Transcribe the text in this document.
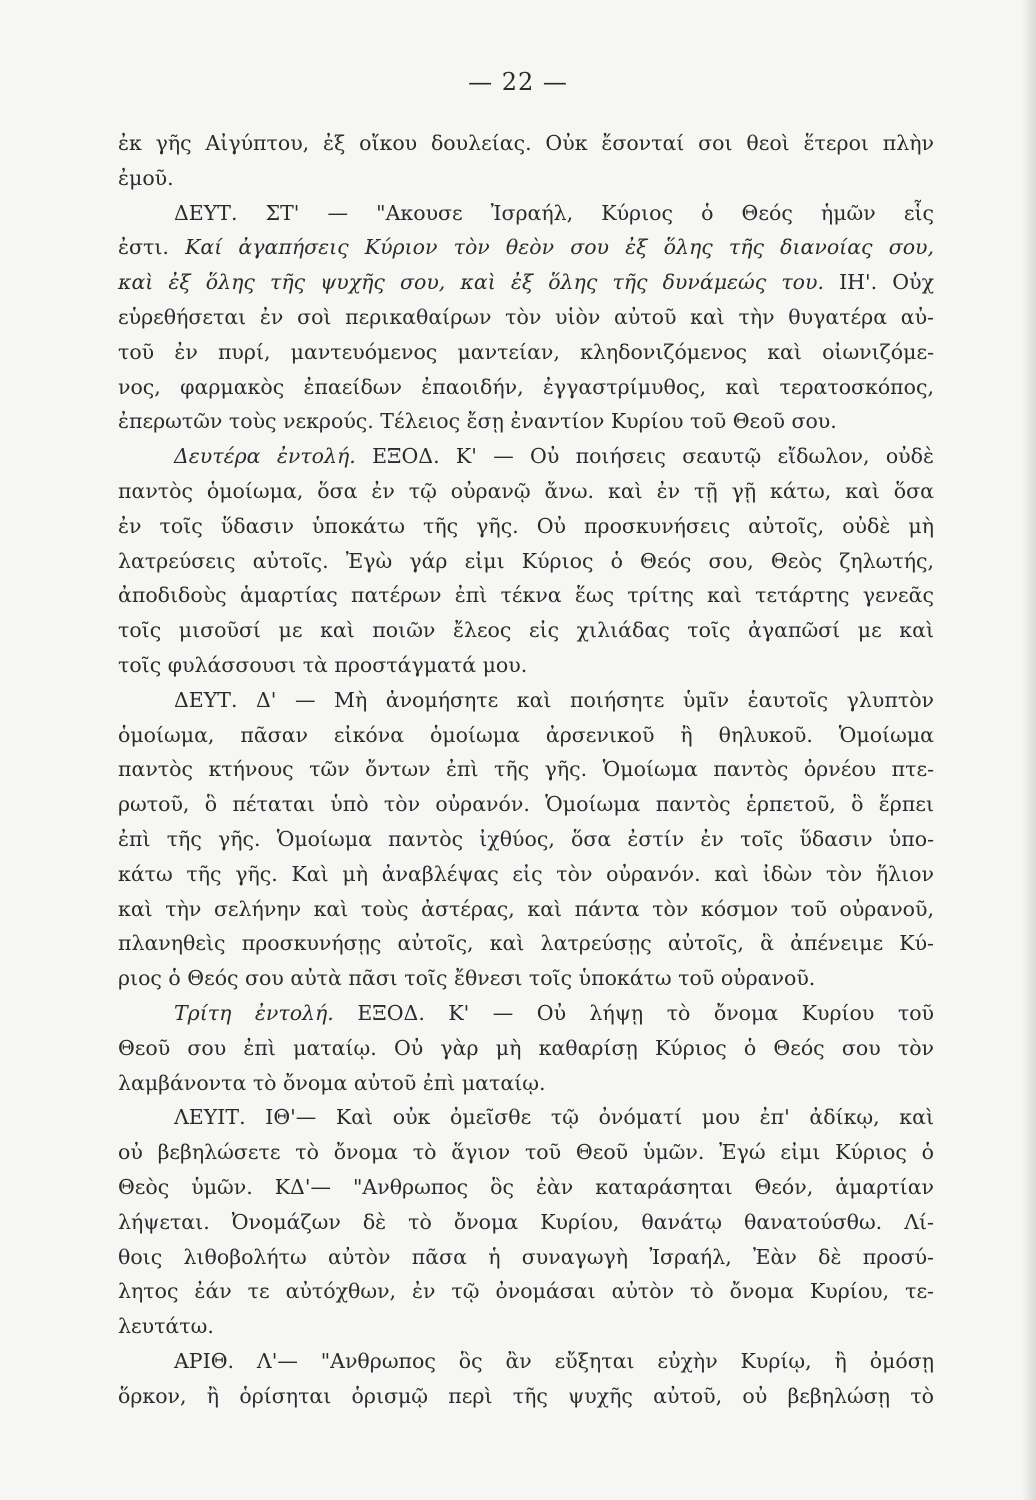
— 22 —
ἐκ γῆς Αἰγύπτου, ἐξ οἴκου δουλείας. Οὐκ ἔσονταί σοι θεοὶ ἕτεροι πλὴν
ἐμοῦ.
ΔΕΥΤ. ΣΤ' — "Ακουσε Ἰσραήλ, Κύριος ὁ Θεός ἡμῶν εἷς
ἐστι. Καί ἀγαπήσεις Κύριον τὸν θεὸν σου ἐξ ὅλης τῆς διανοίας σου,
καὶ ἐξ ὅλης τῆς ψυχῆς σου, καὶ ἐξ ὅλης τῆς δυνάμεώς του. ΙΗ'. Οὐχ
εὑρεθήσεται ἐν σοὶ περικαθαίρων τὸν υἱὸν αὐτοῦ καὶ τὴν θυγατέρα αὐ-
τοῦ ἐν πυρί, μαντευόμενος μαντείαν, κληδονιζόμενος καὶ οἰωνιζόμε-
νος, φαρμακὸς ἐπαείδων ἐπαοιδήν, ἐγγαστρίμυθος, καὶ τερατοσκόπος,
ἐπερωτῶν τοὺς νεκρούς. Τέλειος ἔσῃ ἐναντίον Κυρίου τοῦ Θεοῦ σου.
Δευτέρα ἐντολή. ΕΞΟΔ. Κ' — Οὐ ποιήσεις σεαυτῷ εἴδωλον, οὐδὲ
παντὸς ὁμοίωμα, ὅσα ἐν τῷ οὐρανῷ ἄνω. καὶ ἐν τῇ γῇ κάτω, καὶ ὅσα
ἐν τοῖς ὕδασιν ὑποκάτω τῆς γῆς. Οὐ προσκυνήσεις αὐτοῖς, οὐδὲ μὴ
λατρεύσεις αὐτοῖς. Ἐγὼ γάρ εἰμι Κύριος ὁ Θεός σου, Θεὸς ζηλωτής,
ἀποδιδοὺς ἁμαρτίας πατέρων ἐπὶ τέκνα ἕως τρίτης καὶ τετάρτης γενεᾶς
τοῖς μισοῦσί με καὶ ποιῶν ἔλεος εἰς χιλιάδας τοῖς ἀγαπῶσί με καὶ
τοῖς φυλάσσουσι τὰ προστάγματά μου.
ΔΕΥΤ. Δ' — Μὴ ἀνομήσητε καὶ ποιήσητε ὑμῖν ἑαυτοῖς γλυπτὸν
ὁμοίωμα, πᾶσαν εἰκόνα ὁμοίωμα ἀρσενικοῦ ἢ θηλυκοῦ. Ὁμοίωμα
παντὸς κτήνους τῶν ὄντων ἐπὶ τῆς γῆς. Ὁμοίωμα παντὸς ὀρνέου πτε-
ρωτοῦ, ὃ πέταται ὑπὸ τὸν οὐρανόν. Ὁμοίωμα παντὸς ἑρπετοῦ, ὃ ἕρπει
ἐπὶ τῆς γῆς. Ὁμοίωμα παντὸς ἰχθύος, ὅσα ἐστίν ἐν τοῖς ὕδασιν ὑπο-
κάτω τῆς γῆς. Καὶ μὴ ἀναβλέψας εἰς τὸν οὐρανόν. καὶ ἰδὼν τὸν ἥλιον
καὶ τὴν σελήνην καὶ τοὺς ἀστέρας, καὶ πάντα τὸν κόσμον τοῦ οὐρανοῦ,
πλανηθεὶς προσκυνήσῃς αὐτοῖς, καὶ λατρεύσῃς αὐτοῖς, ἃ ἀπένειμε Κύ-
ριος ὁ Θεός σου αὐτὰ πᾶσι τοῖς ἔθνεσι τοῖς ὑποκάτω τοῦ οὐρανοῦ.
Τρίτη ἐντολή. ΕΞΟΔ. Κ' — Οὐ λήψῃ τὸ ὄνομα Κυρίου τοῦ
Θεοῦ σου ἐπὶ ματαίῳ. Οὐ γὰρ μὴ καθαρίσῃ Κύριος ὁ Θεός σου τὸν
λαμβάνοντα τὸ ὄνομα αὐτοῦ ἐπὶ ματαίῳ.
ΛΕΥΙΤ. ΙΘ'— Καὶ οὐκ ὀμεῖσθε τῷ ὀνόματί μου ἐπ' ἀδίκῳ, καὶ
οὐ βεβηλώσετε τὸ ὄνομα τὸ ἅγιον τοῦ Θεοῦ ὑμῶν. Ἐγώ εἰμι Κύριος ὁ
Θεὸς ὑμῶν. ΚΔ'— "Ανθρωπος ὃς ἐὰν καταράσηται Θεόν, ἁμαρτίαν
λήψεται. Ὀνομάζων δὲ τὸ ὄνομα Κυρίου, θανάτῳ θανατούσθω. Λί-
θοις λιθοβολήτω αὐτὸν πᾶσα ἡ συναγωγὴ Ἰσραήλ, Ἐὰν δὲ προσύ-
λητος ἐάν τε αὐτόχθων, ἐν τῷ ὀνομάσαι αὐτὸν τὸ ὄνομα Κυρίου, τε-
λευτάτω.
ΑΡΙΘ. Λ'— "Ανθρωπος ὃς ἂν εὔξηται εὐχὴν Κυρίῳ, ἢ ὀμόσῃ
ὅρκον, ἢ ὁρίσηται ὁρισμῷ περὶ τῆς ψυχῆς αὐτοῦ, οὐ βεβηλώσῃ τὸ
